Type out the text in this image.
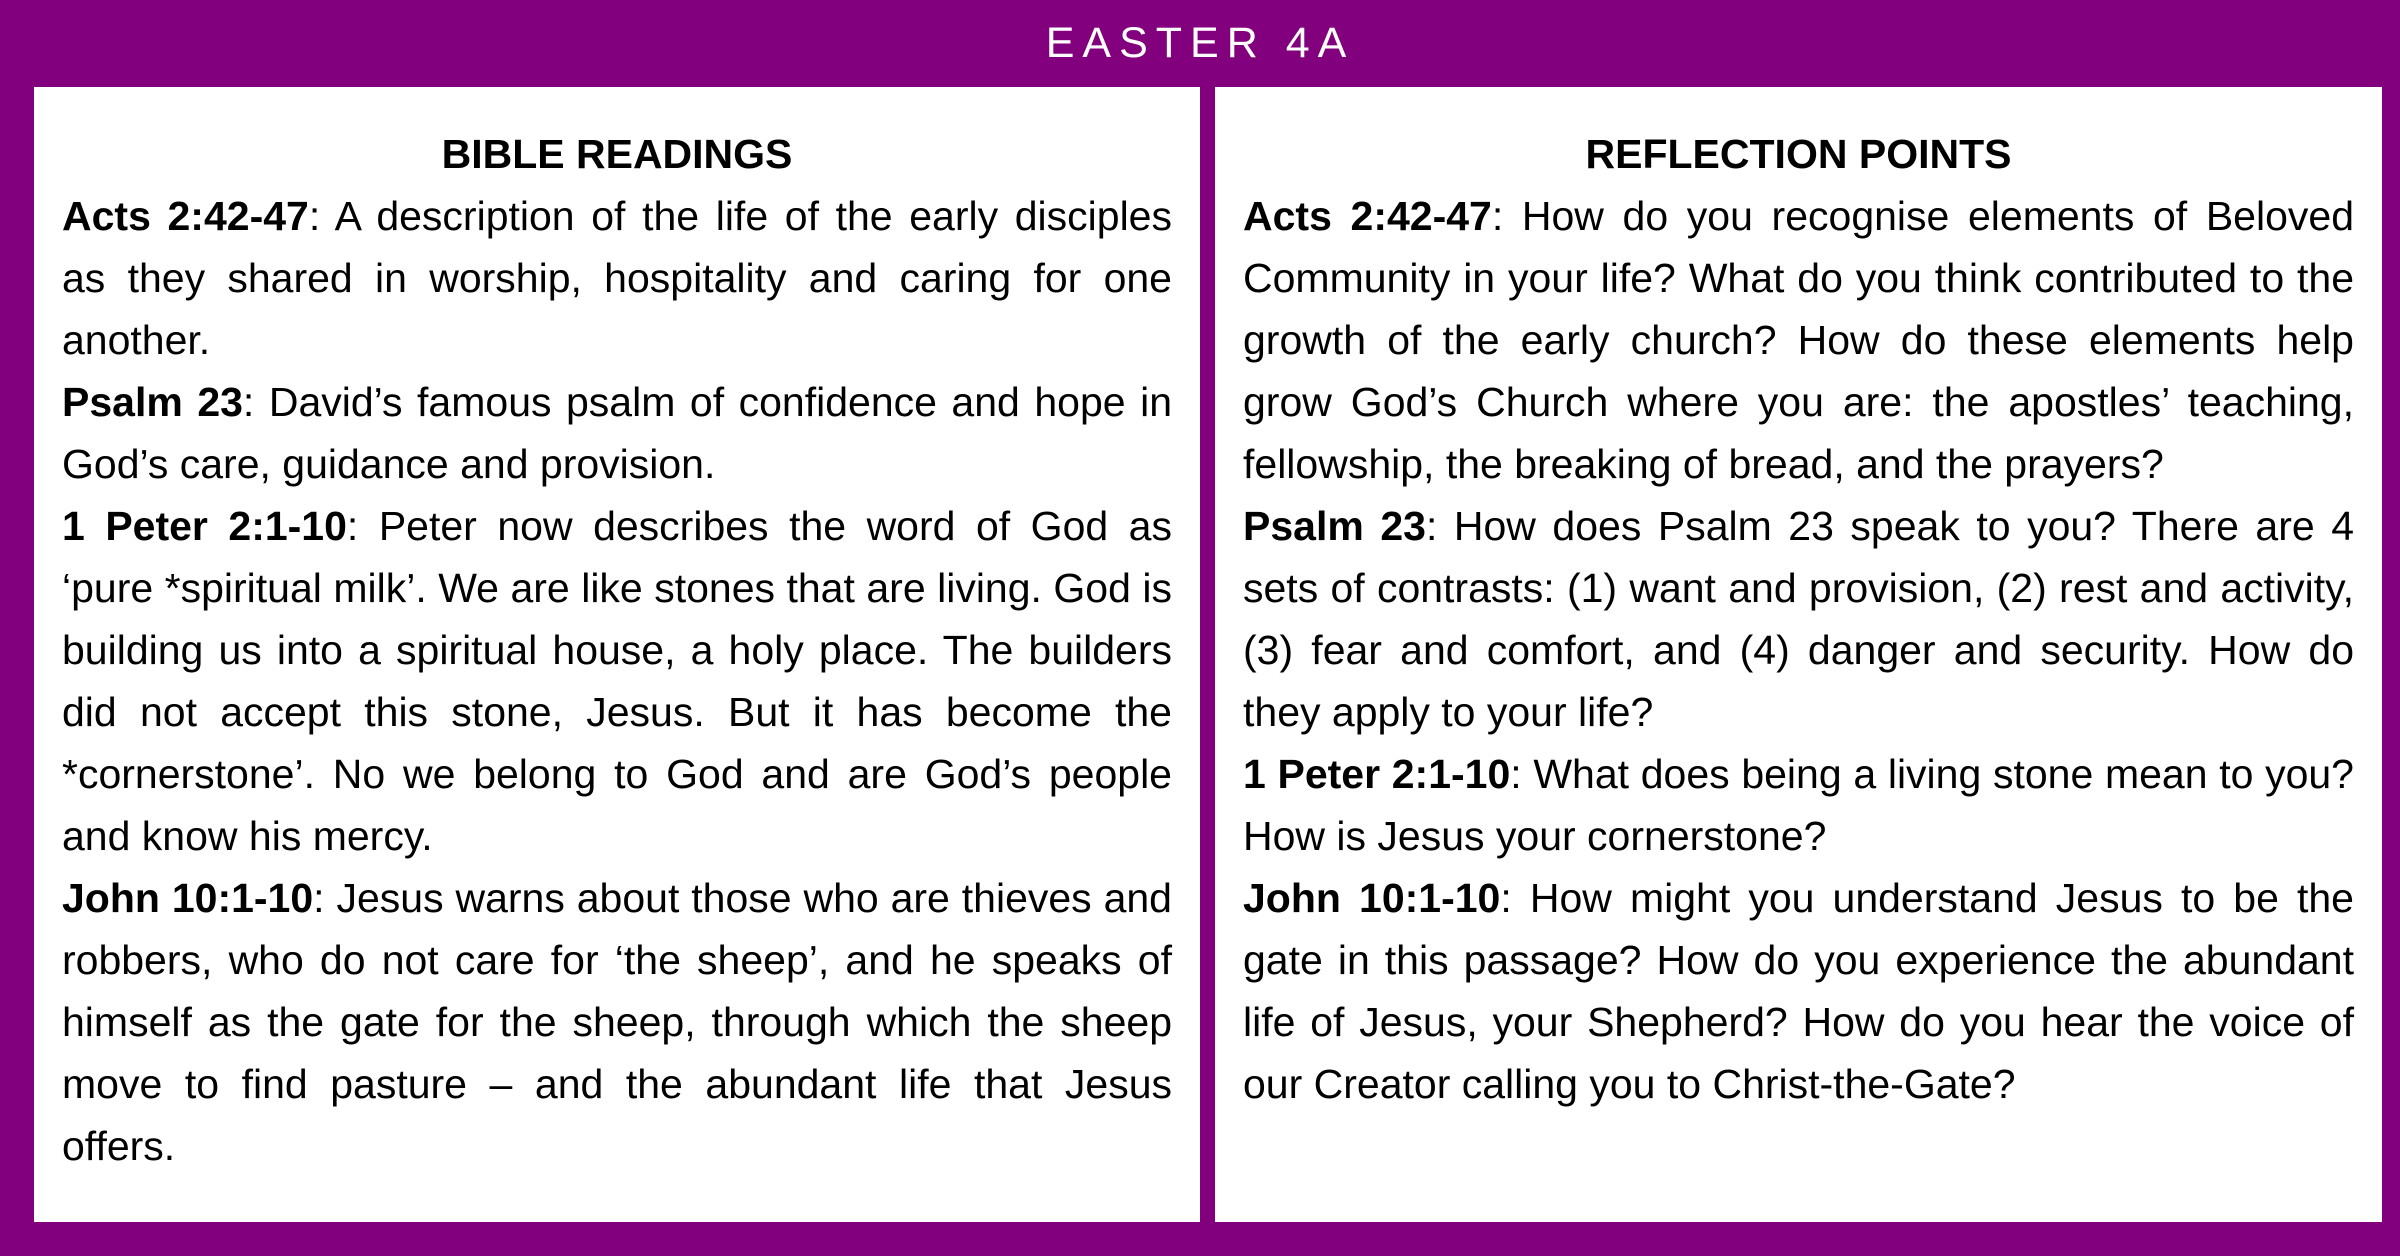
EASTER 4A
BIBLE READINGS

Acts 2:42-47: A description of the life of the early disciples as they shared in worship, hospitality and caring for one another.

Psalm 23: David’s famous psalm of confidence and hope in God’s care, guidance and provision.

1 Peter 2:1-10: Peter now describes the word of God as ‘pure *spiritual milk’. We are like stones that are living. God is building us into a spiritual house, a holy place. The builders did not accept this stone, Jesus. But it has become the *cornerstone’. No we belong to God and are God’s people and know his mercy.

John 10:1-10: Jesus warns about those who are thieves and robbers, who do not care for ‘the sheep’, and he speaks of himself as the gate for the sheep, through which the sheep move to find pasture – and the abundant life that Jesus offers.

REFLECTION POINTS

Acts 2:42-47: How do you recognise elements of Beloved Community in your life? What do you think contributed to the growth of the early church? How do these elements help grow God’s Church where you are: the apostles’ teaching, fellowship, the breaking of bread, and the prayers?

Psalm 23: How does Psalm 23 speak to you? There are 4 sets of contrasts: (1) want and provision, (2) rest and activity, (3) fear and comfort, and (4) danger and security. How do they apply to your life?

1 Peter 2:1-10: What does being a living stone mean to you? How is Jesus your cornerstone?

John 10:1-10: How might you understand Jesus to be the gate in this passage? How do you experience the abundant life of Jesus, your Shepherd? How do you hear the voice of our Creator calling you to Christ-the-Gate?
